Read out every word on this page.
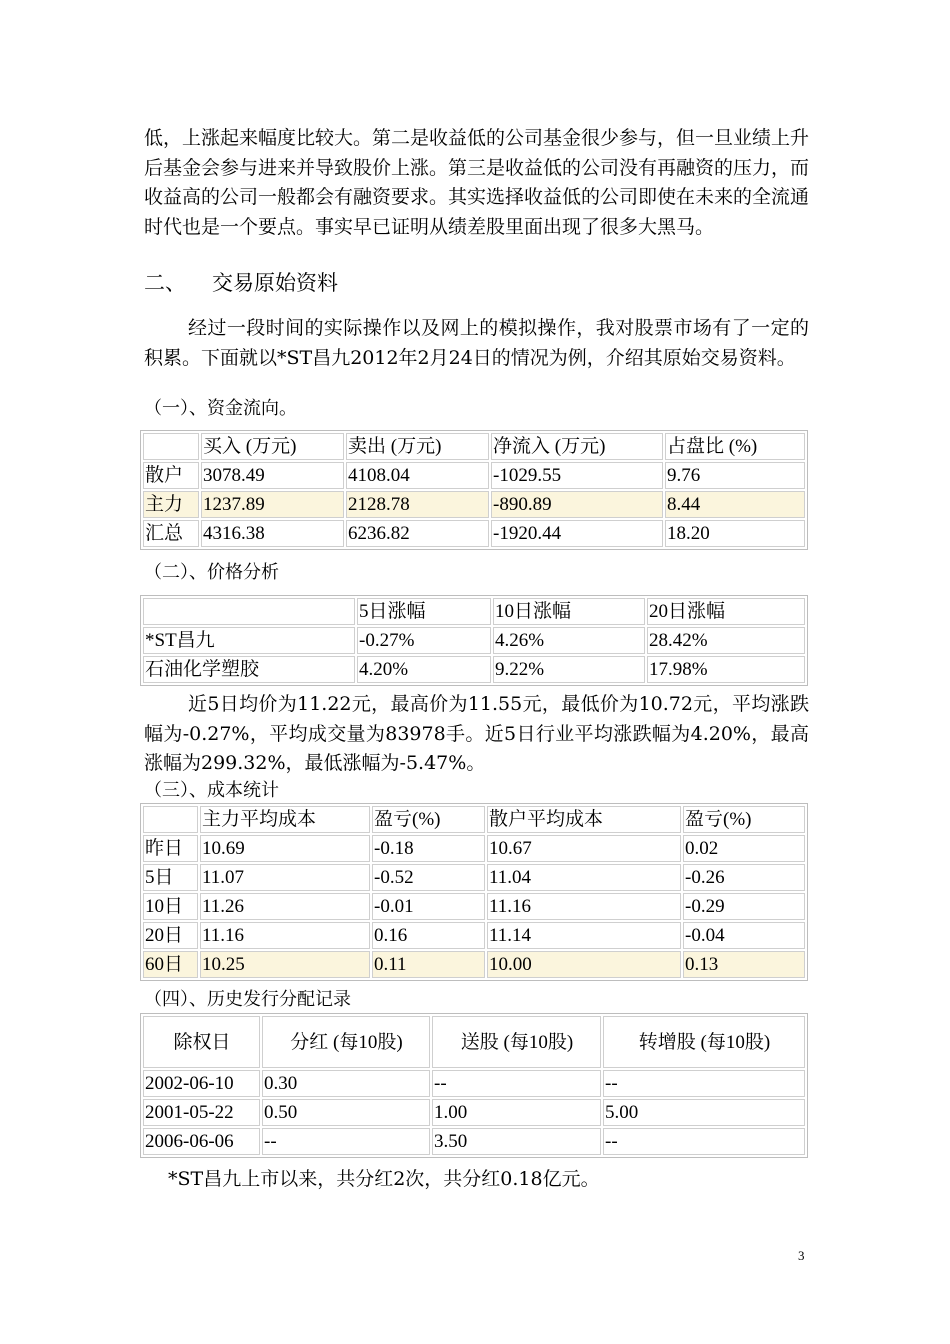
低，上涨起来幅度比较大。第二是收益低的公司基金很少参与，但一旦业绩上升后基金会参与进来并导致股价上涨。第三是收益低的公司没有再融资的压力，而收益高的公司一般都会有融资要求。其实选择收益低的公司即使在未来的全流通时代也是一个要点。事实早已证明从绩差股里面出现了很多大黑马。

二、 交易原始资料

经过一段时间的实际操作以及网上的模拟操作，我对股票市场有了一定的积累。下面就以*ST昌九2012年2月24日的情况为例，介绍其原始交易资料。

（一）、资金流向。

	买入 (万元)	卖出 (万元)	净流入 (万元)	占盘比 (%)
散户	3078.49	4108.04	-1029.55	9.76
主力	1237.89	2128.78	-890.89	8.44
汇总	4316.38	6236.82	-1920.44	18.20

（二）、价格分析

	5日涨幅	10日涨幅	20日涨幅
*ST昌九	-0.27%	4.26%	28.42%
石油化学塑胶	4.20%	9.22%	17.98%

近5日均价为11.22元，最高价为11.55元，最低价为10.72元，平均涨跌幅为-0.27%，平均成交量为83978手。近5日行业平均涨跌幅为4.20%，最高涨幅为299.32%，最低涨幅为-5.47%。

（三）、成本统计

	主力平均成本	盈亏(%)	散户平均成本	盈亏(%)
昨日	10.69	-0.18	10.67	0.02
5日	11.07	-0.52	11.04	-0.26
10日	11.26	-0.01	11.16	-0.29
20日	11.16	0.16	11.14	-0.04
60日	10.25	0.11	10.00	0.13

（四）、历史发行分配记录

除权日	分红 (每10股)	送股 (每10股)	转增股 (每10股)
2002-06-10	0.30	--	--
2001-05-22	0.50	1.00	5.00
2006-06-06	--	3.50	--

*ST昌九上市以来，共分红2次，共分红0.18亿元。

3
